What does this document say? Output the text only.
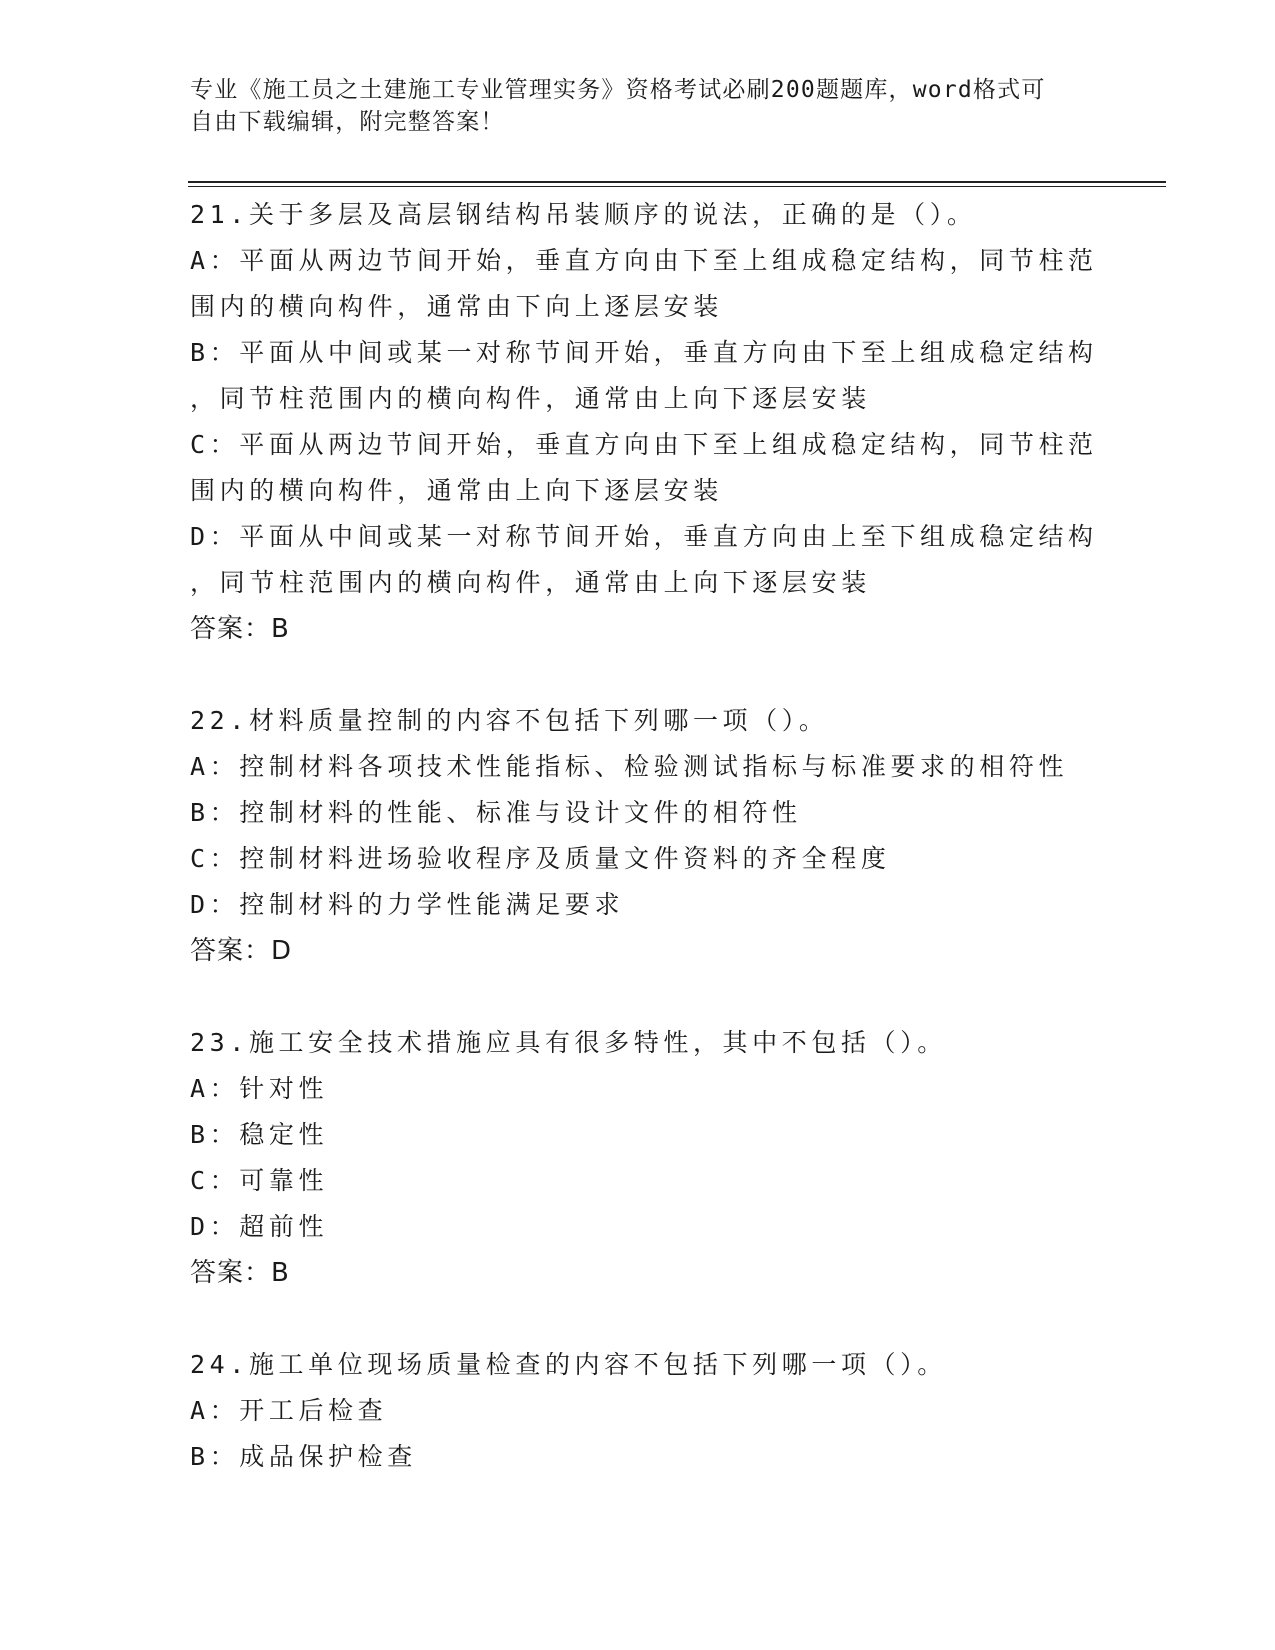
专业《施工员之土建施工专业管理实务》资格考试必刷200题题库，word格式可
自由下载编辑，附完整答案！
21.关于多层及高层钢结构吊装顺序的说法，正确的是（）。
A：平面从两边节间开始，垂直方向由下至上组成稳定结构，同节柱范
围内的横向构件，通常由下向上逐层安装
B：平面从中间或某一对称节间开始，垂直方向由下至上组成稳定结构
，同节柱范围内的横向构件，通常由上向下逐层安装
C：平面从两边节间开始，垂直方向由下至上组成稳定结构，同节柱范
围内的横向构件，通常由上向下逐层安装
D：平面从中间或某一对称节间开始，垂直方向由上至下组成稳定结构
，同节柱范围内的横向构件，通常由上向下逐层安装
答案：B
22.材料质量控制的内容不包括下列哪一项（）。
A：控制材料各项技术性能指标、检验测试指标与标准要求的相符性
B：控制材料的性能、标准与设计文件的相符性
C：控制材料进场验收程序及质量文件资料的齐全程度
D：控制材料的力学性能满足要求
答案：D
23.施工安全技术措施应具有很多特性，其中不包括（）。
A：针对性
B：稳定性
C：可靠性
D：超前性
答案：B
24.施工单位现场质量检查的内容不包括下列哪一项（）。
A：开工后检查
B：成品保护检查
